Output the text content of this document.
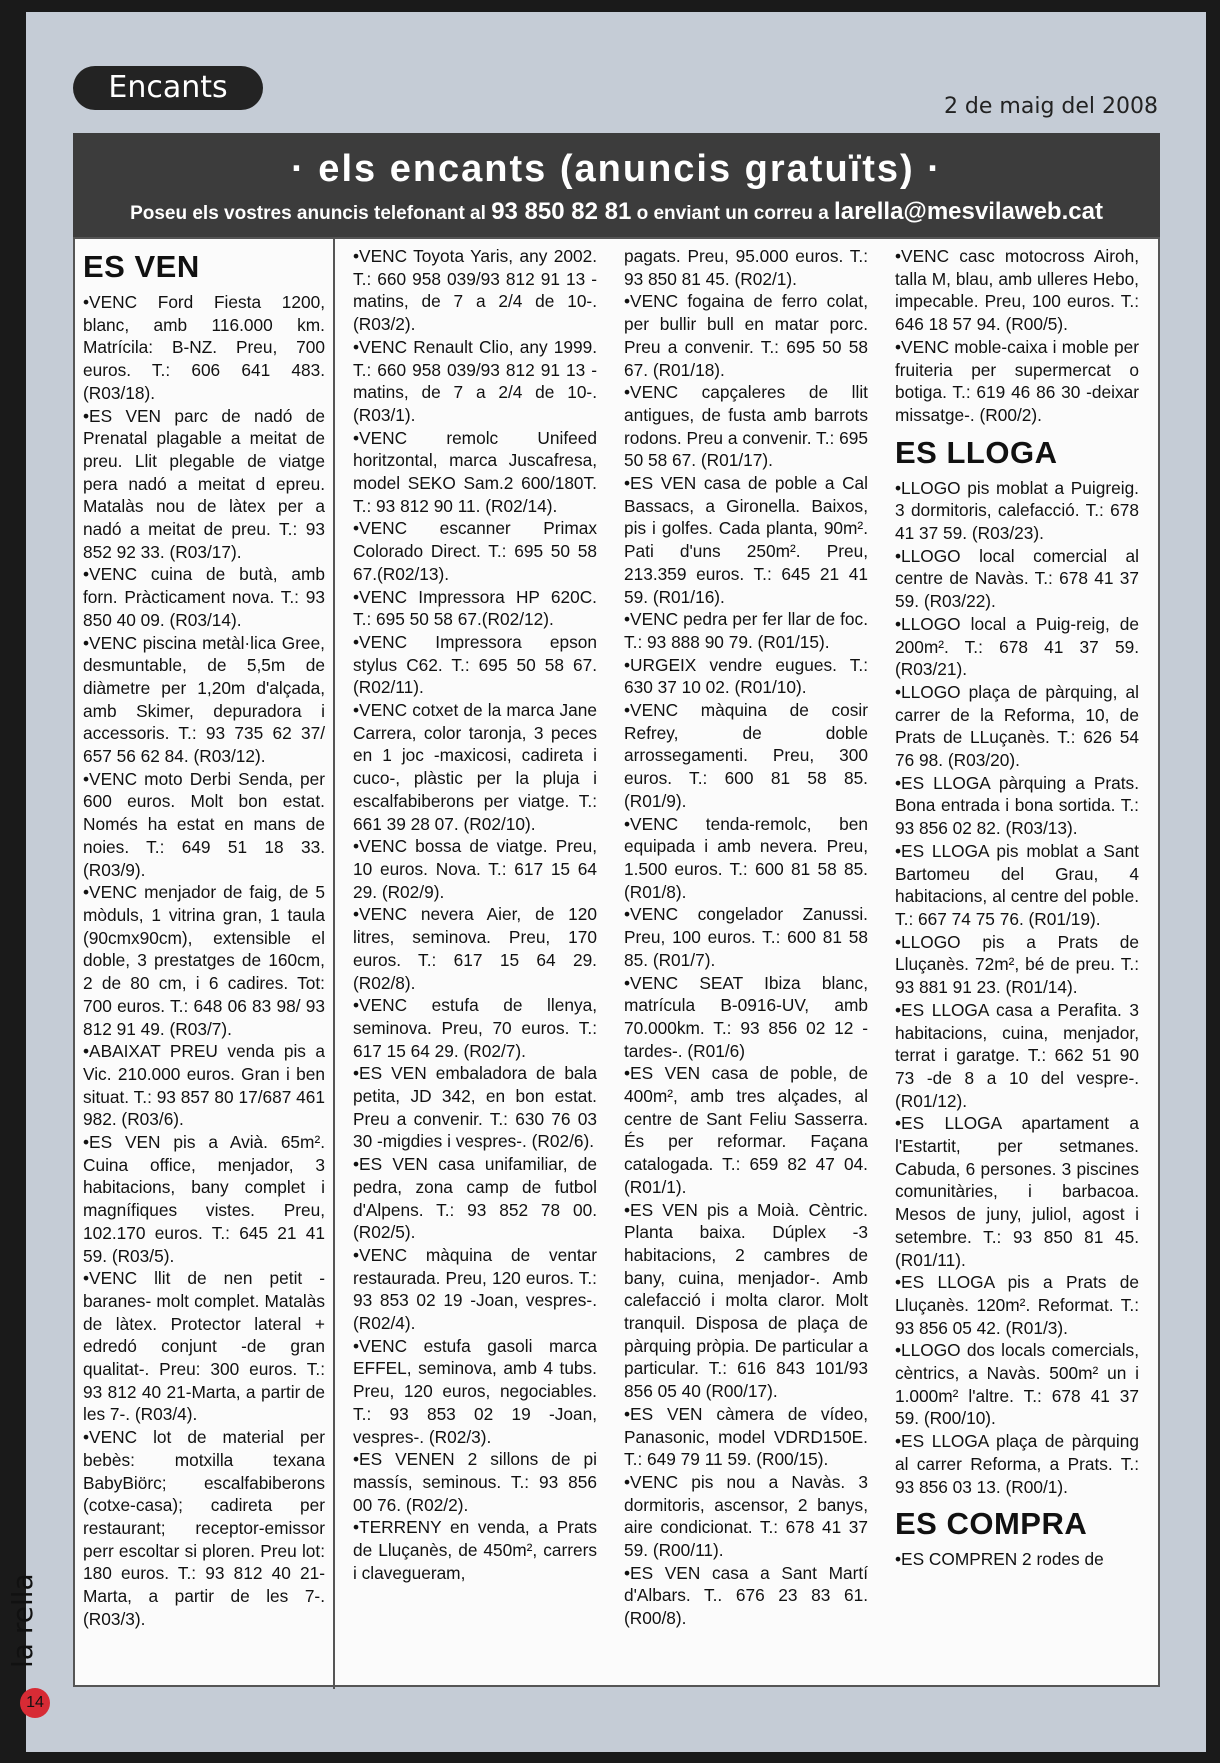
Encants
2 de maig del 2008
· els encants (anuncis gratuïts) ·
Poseu els vostres anuncis telefonant al 93 850 82 81 o enviant un correu a larella@mesvilaweb.cat
ES VEN
•VENC Ford Fiesta 1200, blanc, amb 116.000 km. Matrícila: B-NZ. Preu, 700 euros. T.: 606 641 483. (R03/18).
•ES VEN parc de nadó de Prenatal plagable a meitat de preu. Llit plegable de viatge pera nadó a meitat d epreu. Matalàs nou de làtex per a nadó a meitat de preu. T.: 93 852 92 33. (R03/17).
•VENC cuina de butà, amb forn. Pràcticament nova. T.: 93 850 40 09. (R03/14).
•VENC piscina metàl·lica Gree, desmuntable, de 5,5m de diàmetre per 1,20m d'alçada, amb Skimer, depuradora i accessoris. T.: 93 735 62 37/ 657 56 62 84. (R03/12).
•VENC moto Derbi Senda, per 600 euros. Molt bon estat. Només ha estat en mans de noies. T.: 649 51 18 33. (R03/9).
•VENC menjador de faig, de 5 mòduls, 1 vitrina gran, 1 taula (90cmx90cm), extensible el doble, 3 prestatges de 160cm, 2 de 80 cm, i 6 cadires. Tot: 700 euros. T.: 648 06 83 98/ 93 812 91 49. (R03/7).
•ABAIXAT PREU venda pis a Vic. 210.000 euros. Gran i ben situat. T.: 93 857 80 17/687 461 982. (R03/6).
•ES VEN pis a Avià. 65m². Cuina office, menjador, 3 habitacions, bany complet i magnífiques vistes. Preu, 102.170 euros. T.: 645 21 41 59. (R03/5).
•VENC llit de nen petit -baranes- molt complet. Matalàs de làtex. Protector lateral + edredó conjunt -de gran qualitat-. Preu: 300 euros. T.: 93 812 40 21-Marta, a partir de les 7-. (R03/4).
•VENC lot de material per bebès: motxilla texana BabyBiörc; escalfabiberons (cotxe-casa); cadireta per restaurant; receptor-emissor perr escoltar si ploren. Preu lot: 180 euros. T.: 93 812 40 21-Marta, a partir de les 7-. (R03/3).
•VENC Toyota Yaris, any 2002. T.: 660 958 039/93 812 91 13 -matins, de 7 a 2/4 de 10-. (R03/2).
•VENC Renault Clio, any 1999. T.: 660 958 039/93 812 91 13 -matins, de 7 a 2/4 de 10-. (R03/1).
•VENC remolc Unifeed horitzontal, marca Juscafresa, model SEKO Sam.2 600/180T. T.: 93 812 90 11. (R02/14).
•VENC escanner Primax Colorado Direct. T.: 695 50 58 67.(R02/13).
•VENC Impressora HP 620C. T.: 695 50 58 67.(R02/12).
•VENC Impressora epson stylus C62. T.: 695 50 58 67. (R02/11).
•VENC cotxet de la marca Jane Carrera, color taronja, 3 peces en 1 joc -maxicosi, cadireta i cuco-, plàstic per la pluja i escalfabiberons per viatge. T.: 661 39 28 07. (R02/10).
•VENC bossa de viatge. Preu, 10 euros. Nova. T.: 617 15 64 29. (R02/9).
•VENC nevera Aier, de 120 litres, seminova. Preu, 170 euros. T.: 617 15 64 29. (R02/8).
•VENC estufa de llenya, seminova. Preu, 70 euros. T.: 617 15 64 29. (R02/7).
•ES VEN embaladora de bala petita, JD 342, en bon estat. Preu a convenir. T.: 630 76 03 30 -migdies i vespres-. (R02/6).
•ES VEN casa unifamiliar, de pedra, zona camp de futbol d'Alpens. T.: 93 852 78 00. (R02/5).
•VENC màquina de ventar restaurada. Preu, 120 euros. T.: 93 853 02 19 -Joan, vespres-. (R02/4).
•VENC estufa gasoli marca EFFEL, seminova, amb 4 tubs. Preu, 120 euros, negociables. T.: 93 853 02 19 -Joan, vespres-. (R02/3).
•ES VENEN 2 sillons de pi massís, seminous. T.: 93 856 00 76. (R02/2).
•TERRENY en venda, a Prats de Lluçanès, de 450m², carrers i clavegueram,
pagats. Preu, 95.000 euros. T.: 93 850 81 45. (R02/1).
•VENC fogaina de ferro colat, per bullir bull en matar porc. Preu a convenir. T.: 695 50 58 67. (R01/18).
•VENC capçaleres de llit antigues, de fusta amb barrots rodons. Preu a convenir. T.: 695 50 58 67. (R01/17).
•ES VEN casa de poble a Cal Bassacs, a Gironella. Baixos, pis i golfes. Cada planta, 90m². Pati d'uns 250m². Preu, 213.359 euros. T.: 645 21 41 59. (R01/16).
•VENC pedra per fer llar de foc. T.: 93 888 90 79. (R01/15).
•URGEIX vendre eugues. T.: 630 37 10 02. (R01/10).
•VENC màquina de cosir Refrey, de doble arrossegamenti. Preu, 300 euros. T.: 600 81 58 85. (R01/9).
•VENC tenda-remolc, ben equipada i amb nevera. Preu, 1.500 euros. T.: 600 81 58 85. (R01/8).
•VENC congelador Zanussi. Preu, 100 euros. T.: 600 81 58 85. (R01/7).
•VENC SEAT Ibiza blanc, matrícula B-0916-UV, amb 70.000km. T.: 93 856 02 12 -tardes-. (R01/6)
•ES VEN casa de poble, de 400m², amb tres alçades, al centre de Sant Feliu Sasserra. És per reformar. Façana catalogada. T.: 659 82 47 04. (R01/1).
•ES VEN pis a Moià. Cèntric. Planta baixa. Dúplex -3 habitacions, 2 cambres de bany, cuina, menjador-. Amb calefacció i molta claror. Molt tranquil. Disposa de plaça de pàrquing pròpia. De particular a particular. T.: 616 843 101/93 856 05 40 (R00/17).
•ES VEN càmera de vídeo, Panasonic, model VDRD150E. T.: 649 79 11 59. (R00/15).
•VENC pis nou a Navàs. 3 dormitoris, ascensor, 2 banys, aire condicionat. T.: 678 41 37 59. (R00/11).
•ES VEN casa a Sant Martí d'Albars. T.. 676 23 83 61. (R00/8).
•VENC casc motocross Airoh, talla M, blau, amb ulleres Hebo, impecable. Preu, 100 euros. T.: 646 18 57 94. (R00/5).
•VENC moble-caixa i moble per fruiteria per supermercat o botiga. T.: 619 46 86 30 -deixar missatge-. (R00/2).
ES LLOGA
•LLOGO pis moblat a Puigreig. 3 dormitoris, calefacció. T.: 678 41 37 59. (R03/23).
•LLOGO local comercial al centre de Navàs. T.: 678 41 37 59. (R03/22).
•LLOGO local a Puig-reig, de 200m². T.: 678 41 37 59. (R03/21).
•LLOGO plaça de pàrquing, al carrer de la Reforma, 10, de Prats de LLuçanès. T.: 626 54 76 98. (R03/20).
•ES LLOGA pàrquing a Prats. Bona entrada i bona sortida. T.: 93 856 02 82. (R03/13).
•ES LLOGA pis moblat a Sant Bartomeu del Grau, 4 habitacions, al centre del poble. T.: 667 74 75 76. (R01/19).
•LLOGO pis a Prats de Lluçanès. 72m², bé de preu. T.: 93 881 91 23. (R01/14).
•ES LLOGA casa a Perafita. 3 habitacions, cuina, menjador, terrat i garatge. T.: 662 51 90 73 -de 8 a 10 del vespre-. (R01/12).
•ES LLOGA apartament a l'Estartit, per setmanes. Cabuda, 6 persones. 3 piscines comunitàries, i barbacoa. Mesos de juny, juliol, agost i setembre. T.: 93 850 81 45. (R01/11).
•ES LLOGA pis a Prats de Lluçanès. 120m². Reformat. T.: 93 856 05 42. (R01/3).
•LLOGO dos locals comercials, cèntrics, a Navàs. 500m² un i 1.000m² l'altre. T.: 678 41 37 59. (R00/10).
•ES LLOGA plaça de pàrquing al carrer Reforma, a Prats. T.: 93 856 03 13. (R00/1).
ES COMPRA
•ES COMPREN 2 rodes de
la rella
14
